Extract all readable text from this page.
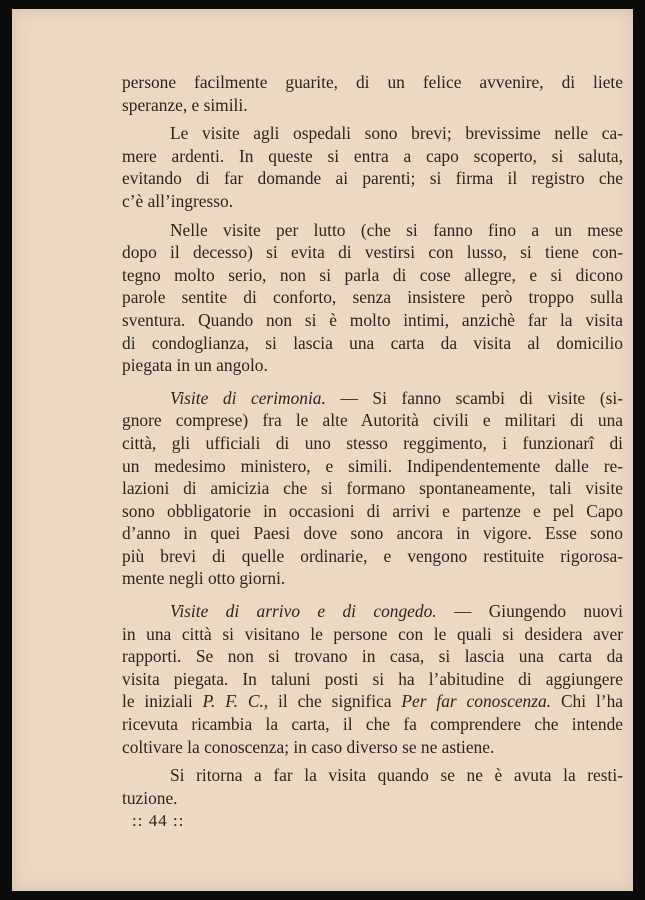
persone facilmente guarite, di un felice avvenire, di liete
speranze, e simili.

Le visite agli ospedali sono brevi; brevissime nelle ca-
mere ardenti. In queste si entra a capo scoperto, si saluta,
evitando di far domande ai parenti; si firma il registro che
c’è all’ingresso.

Nelle visite per lutto (che si fanno fino a un mese
dopo il decesso) si evita di vestirsi con lusso, si tiene con-
tegno molto serio, non si parla di cose allegre, e si dicono
parole sentite di conforto, senza insistere però troppo sulla
sventura. Quando non si è molto intimi, anzichè far la visita
di condoglianza, si lascia una carta da visita al domicilio
piegata in un angolo.

Visite di cerimonia. — Si fanno scambi di visite (si-
gnore comprese) fra le alte Autorità civili e militari di una
città, gli ufficiali di uno stesso reggimento, i funzionarî di
un medesimo ministero, e simili. Indipendentemente dalle re-
lazioni di amicizia che si formano spontaneamente, tali visite
sono obbligatorie in occasioni di arrivi e partenze e pel Capo
d’anno in quei Paesi dove sono ancora in vigore. Esse sono
più brevi di quelle ordinarie, e vengono restituite rigorosa-
mente negli otto giorni.

Visite di arrivo e di congedo. — Giungendo nuovi
in una città si visitano le persone con le quali si desidera aver
rapporti. Se non si trovano in casa, si lascia una carta da
visita piegata. In taluni posti si ha l’abitudine di aggiungere
le iniziali P. F. C., il che significa Per far conoscenza. Chi l’ha
ricevuta ricambia la carta, il che fa comprendere che intende
coltivare la conoscenza; in caso diverso se ne astiene.

Si ritorna a far la visita quando se ne è avuta la resti-
tuzione.

:: 44 ::
